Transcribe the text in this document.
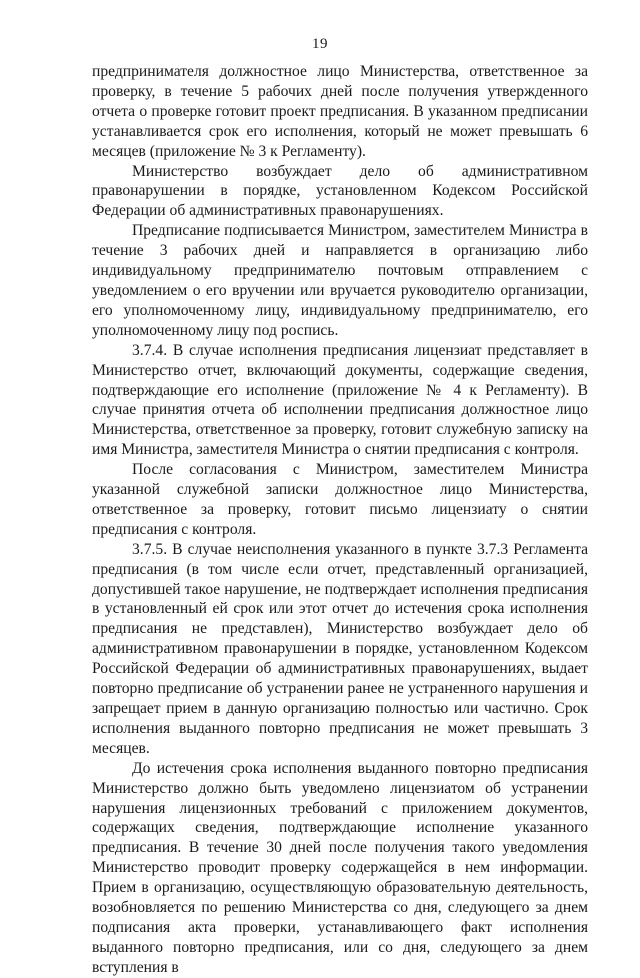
19

предпринимателя должностное лицо Министерства, ответственное за проверку, в течение 5 рабочих дней после получения утвержденного отчета о проверке готовит проект предписания. В указанном предписании устанавливается срок его исполнения, который не может превышать 6 месяцев (приложение № 3 к Регламенту).

Министерство возбуждает дело об административном правонарушении в порядке, установленном Кодексом Российской Федерации об административных правонарушениях.

Предписание подписывается Министром, заместителем Министра в течение 3 рабочих дней и направляется в организацию либо индивидуальному предпринимателю почтовым отправлением с уведомлением о его вручении или вручается руководителю организации, его уполномоченному лицу, индивидуальному предпринимателю, его уполномоченному лицу под роспись.

3.7.4. В случае исполнения предписания лицензиат представляет в Министерство отчет, включающий документы, содержащие сведения, подтверждающие его исполнение (приложение № 4 к Регламенту). В случае принятия отчета об исполнении предписания должностное лицо Министерства, ответственное за проверку, готовит служебную записку на имя Министра, заместителя Министра о снятии предписания с контроля.

После согласования с Министром, заместителем Министра указанной служебной записки должностное лицо Министерства, ответственное за проверку, готовит письмо лицензиату о снятии предписания с контроля.

3.7.5. В случае неисполнения указанного в пункте 3.7.3 Регламента предписания (в том числе если отчет, представленный организацией, допустившей такое нарушение, не подтверждает исполнения предписания в установленный ей срок или этот отчет до истечения срока исполнения предписания не представлен), Министерство возбуждает дело об административном правонарушении в порядке, установленном Кодексом Российской Федерации об административных правонарушениях, выдает повторно предписание об устранении ранее не устраненного нарушения и запрещает прием в данную организацию полностью или частично. Срок исполнения выданного повторно предписания не может превышать 3 месяцев.

До истечения срока исполнения выданного повторно предписания Министерство должно быть уведомлено лицензиатом об устранении нарушения лицензионных требований с приложением документов, содержащих сведения, подтверждающие исполнение указанного предписания. В течение 30 дней после получения такого уведомления Министерство проводит проверку содержащейся в нем информации. Прием в организацию, осуществляющую образовательную деятельность, возобновляется по решению Министерства со дня, следующего за днем подписания акта проверки, устанавливающего факт исполнения выданного повторно предписания, или со дня, следующего за днем вступления в
